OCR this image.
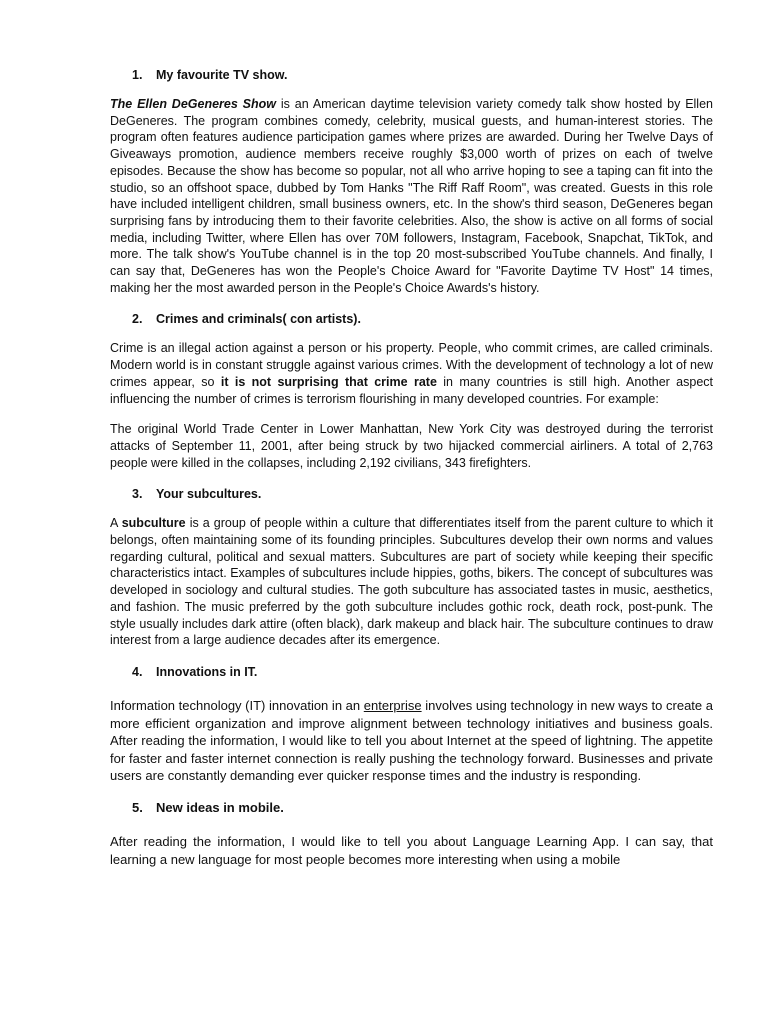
1. My favourite TV show.

The Ellen DeGeneres Show is an American daytime television variety comedy talk show hosted by Ellen DeGeneres. The program combines comedy, celebrity, musical guests, and human-interest stories. The program often features audience participation games where prizes are awarded. During her Twelve Days of Giveaways promotion, audience members receive roughly $3,000 worth of prizes on each of twelve episodes. Because the show has become so popular, not all who arrive hoping to see a taping can fit into the studio, so an offshoot space, dubbed by Tom Hanks "The Riff Raff Room", was created. Guests in this role have included intelligent children, small business owners, etc. In the show's third season, DeGeneres began surprising fans by introducing them to their favorite celebrities. Also, the show is active on all forms of social media, including Twitter, where Ellen has over 70M followers, Instagram, Facebook, Snapchat, TikTok, and more. The talk show's YouTube channel is in the top 20 most-subscribed YouTube channels. And finally, I can say that, DeGeneres has won the People's Choice Award for "Favorite Daytime TV Host" 14 times, making her the most awarded person in the People's Choice Awards's history.

2. Crimes and criminals( con artists).

Crime is an illegal action against a person or his property. People, who commit crimes, are called criminals. Modern world is in constant struggle against various crimes. With the development of technology a lot of new crimes appear, so it is not surprising that crime rate in many countries is still high. Another aspect influencing the number of crimes is terrorism flourishing in many developed countries. For example:

The original World Trade Center in Lower Manhattan, New York City was destroyed during the terrorist attacks of September 11, 2001, after being struck by two hijacked commercial airliners. A total of 2,763 people were killed in the collapses, including 2,192 civilians, 343 firefighters.

3. Your subcultures.

A subculture is a group of people within a culture that differentiates itself from the parent culture to which it belongs, often maintaining some of its founding principles. Subcultures develop their own norms and values regarding cultural, political and sexual matters. Subcultures are part of society while keeping their specific characteristics intact. Examples of subcultures include hippies, goths, bikers. The concept of subcultures was developed in sociology and cultural studies. The goth subculture has associated tastes in music, aesthetics, and fashion. The music preferred by the goth subculture includes gothic rock, death rock, post-punk. The style usually includes dark attire (often black), dark makeup and black hair. The subculture continues to draw interest from a large audience decades after its emergence.

4. Innovations in IT.

Information technology (IT) innovation in an enterprise involves using technology in new ways to create a more efficient organization and improve alignment between technology initiatives and business goals. After reading the information, I would like to tell you about Internet at the speed of lightning. The appetite for faster and faster internet connection is really pushing the technology forward. Businesses and private users are constantly demanding ever quicker response times and the industry is responding.

5. New ideas in mobile.

After reading the information, I would like to tell you about Language Learning App. I can say, that learning a new language for most people becomes more interesting when using a mobile
